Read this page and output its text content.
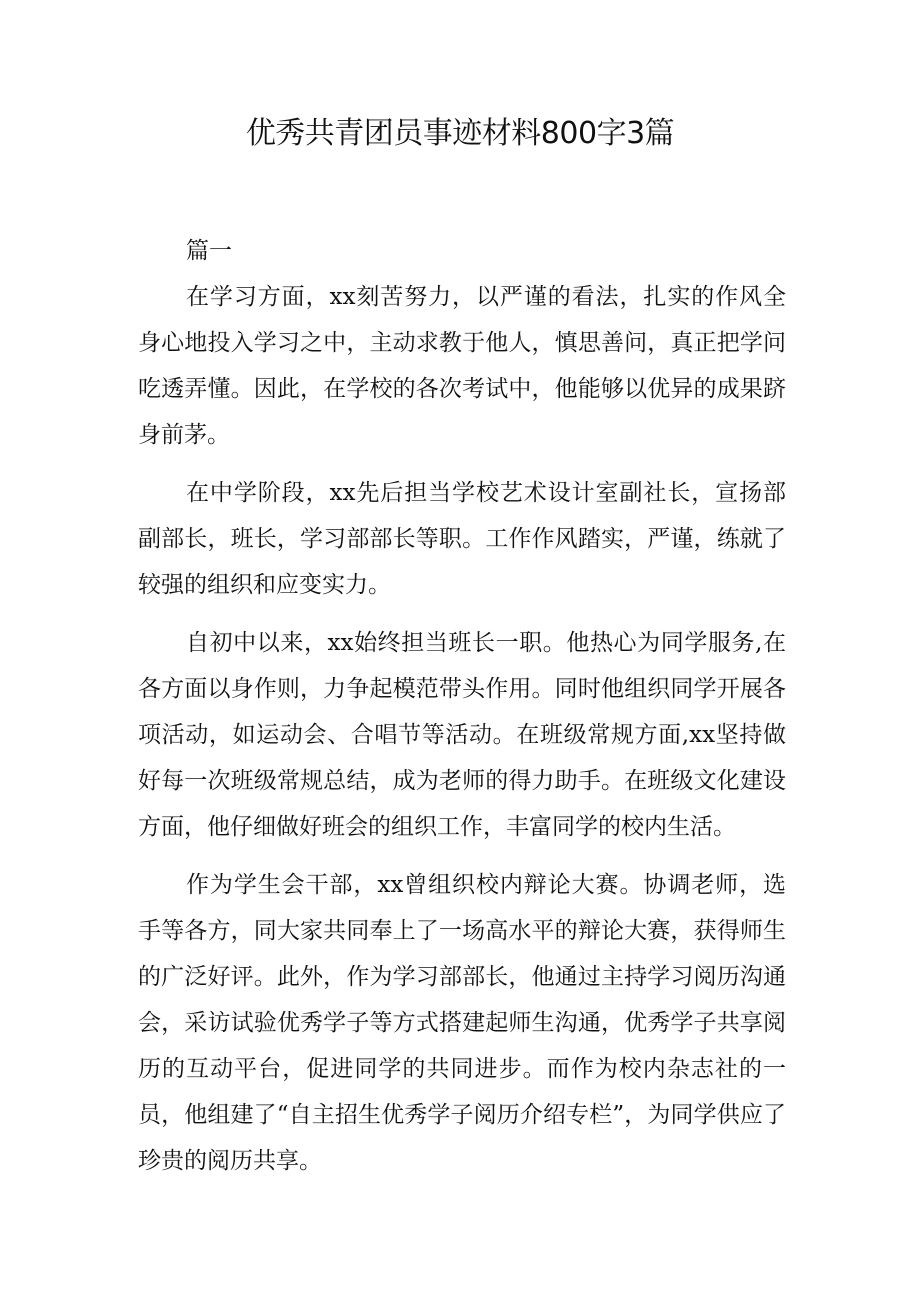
优秀共青团员事迹材料800字3篇

篇一

在学习方面，xx刻苦努力，以严谨的看法，扎实的作风全身心地投入学习之中，主动求教于他人，慎思善问，真正把学问吃透弄懂。因此，在学校的各次考试中，他能够以优异的成果跻身前茅。

在中学阶段，xx先后担当学校艺术设计室副社长，宣扬部副部长，班长，学习部部长等职。工作作风踏实，严谨，练就了较强的组织和应变实力。

自初中以来，xx始终担当班长一职。他热心为同学服务,在各方面以身作则，力争起模范带头作用。同时他组织同学开展各项活动，如运动会、合唱节等活动。在班级常规方面,xx坚持做好每一次班级常规总结，成为老师的得力助手。在班级文化建设方面，他仔细做好班会的组织工作，丰富同学的校内生活。

作为学生会干部，xx曾组织校内辩论大赛。协调老师，选手等各方，同大家共同奉上了一场高水平的辩论大赛，获得师生的广泛好评。此外，作为学习部部长，他通过主持学习阅历沟通会，采访试验优秀学子等方式搭建起师生沟通，优秀学子共享阅历的互动平台，促进同学的共同进步。而作为校内杂志社的一员，他组建了“自主招生优秀学子阅历介绍专栏”，为同学供应了珍贵的阅历共享。
